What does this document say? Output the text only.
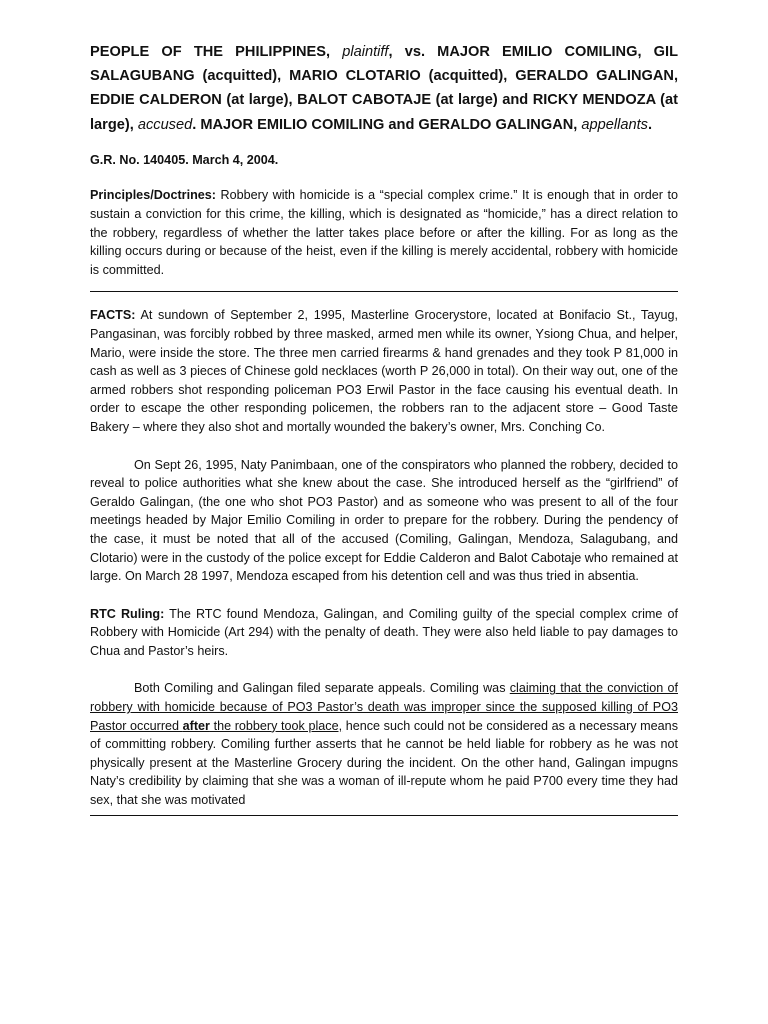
PEOPLE OF THE PHILIPPINES, plaintiff, vs. MAJOR EMILIO COMILING, GIL SALAGUBANG (acquitted), MARIO CLOTARIO (acquitted), GERALDO GALINGAN, EDDIE CALDERON (at large), BALOT CABOTAJE (at large) and RICKY MENDOZA (at large), accused. MAJOR EMILIO COMILING and GERALDO GALINGAN, appellants.

G.R. No. 140405. March 4, 2004.

Principles/Doctrines: Robbery with homicide is a “special complex crime.” It is enough that in order to sustain a conviction for this crime, the killing, which is designated as “homicide,” has a direct relation to the robbery, regardless of whether the latter takes place before or after the killing. For as long as the killing occurs during or because of the heist, even if the killing is merely accidental, robbery with homicide is committed.

FACTS: At sundown of September 2, 1995, Masterline Grocerystore, located at Bonifacio St., Tayug, Pangasinan, was forcibly robbed by three masked, armed men while its owner, Ysiong Chua, and helper, Mario, were inside the store. The three men carried firearms & hand grenades and they took P 81,000 in cash as well as 3 pieces of Chinese gold necklaces (worth P 26,000 in total). On their way out, one of the armed robbers shot responding policeman PO3 Erwil Pastor in the face causing his eventual death. In order to escape the other responding policemen, the robbers ran to the adjacent store – Good Taste Bakery – where they also shot and mortally wounded the bakery’s owner, Mrs. Conching Co.

On Sept 26, 1995, Naty Panimbaan, one of the conspirators who planned the robbery, decided to reveal to police authorities what she knew about the case. She introduced herself as the “girlfriend” of Geraldo Galingan, (the one who shot PO3 Pastor) and as someone who was present to all of the four meetings headed by Major Emilio Comiling in order to prepare for the robbery. During the pendency of the case, it must be noted that all of the accused (Comiling, Galingan, Mendoza, Salagubang, and Clotario) were in the custody of the police except for Eddie Calderon and Balot Cabotaje who remained at large. On March 28 1997, Mendoza escaped from his detention cell and was thus tried in absentia.

RTC Ruling: The RTC found Mendoza, Galingan, and Comiling guilty of the special complex crime of Robbery with Homicide (Art 294) with the penalty of death. They were also held liable to pay damages to Chua and Pastor’s heirs.

Both Comiling and Galingan filed separate appeals. Comiling was claiming that the conviction of robbery with homicide because of PO3 Pastor’s death was improper since the supposed killing of PO3 Pastor occurred after the robbery took place, hence such could not be considered as a necessary means of committing robbery. Comiling further asserts that he cannot be held liable for robbery as he was not physically present at the Masterline Grocery during the incident. On the other hand, Galingan impugns Naty’s credibility by claiming that she was a woman of ill-repute whom he paid P700 every time they had sex, that she was motivated
